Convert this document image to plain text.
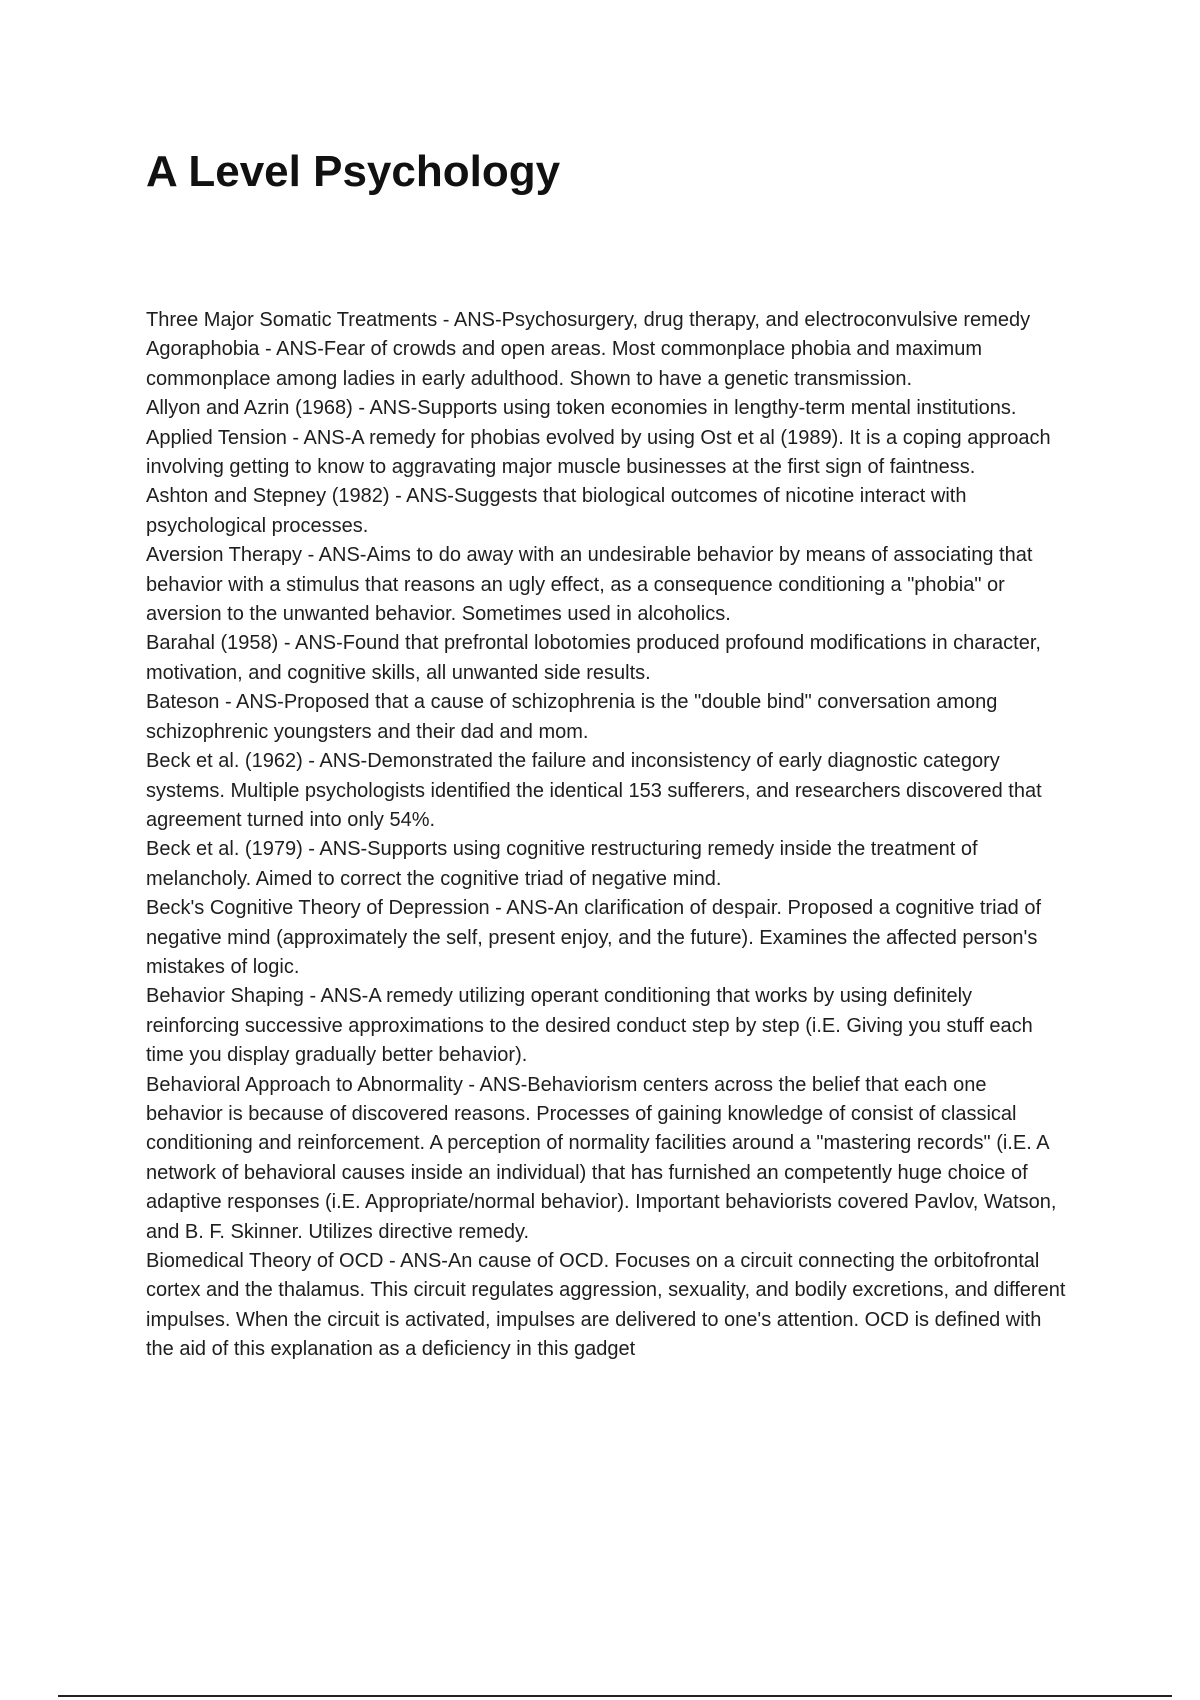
A Level Psychology

Three Major Somatic Treatments - ANS-Psychosurgery, drug therapy, and electroconvulsive remedy

Agoraphobia - ANS-Fear of crowds and open areas. Most commonplace phobia and maximum commonplace among ladies in early adulthood. Shown to have a genetic transmission.

Allyon and Azrin (1968) - ANS-Supports using token economies in lengthy-term mental institutions.

Applied Tension - ANS-A remedy for phobias evolved by using Ost et al (1989). It is a coping approach involving getting to know to aggravating major muscle businesses at the first sign of faintness.

Ashton and Stepney (1982) - ANS-Suggests that biological outcomes of nicotine interact with psychological processes.

Aversion Therapy - ANS-Aims to do away with an undesirable behavior by means of associating that behavior with a stimulus that reasons an ugly effect, as a consequence conditioning a "phobia" or aversion to the unwanted behavior. Sometimes used in alcoholics.

Barahal (1958) - ANS-Found that prefrontal lobotomies produced profound modifications in character, motivation, and cognitive skills, all unwanted side results.

Bateson - ANS-Proposed that a cause of schizophrenia is the "double bind" conversation among schizophrenic youngsters and their dad and mom.

Beck et al. (1962) - ANS-Demonstrated the failure and inconsistency of early diagnostic category systems. Multiple psychologists identified the identical 153 sufferers, and researchers discovered that agreement turned into only 54%.

Beck et al. (1979) - ANS-Supports using cognitive restructuring remedy inside the treatment of melancholy. Aimed to correct the cognitive triad of negative mind.

Beck's Cognitive Theory of Depression - ANS-An clarification of despair. Proposed a cognitive triad of negative mind (approximately the self, present enjoy, and the future). Examines the affected person's mistakes of logic.

Behavior Shaping - ANS-A remedy utilizing operant conditioning that works by using definitely reinforcing successive approximations to the desired conduct step by step (i.E. Giving you stuff each time you display gradually better behavior).

Behavioral Approach to Abnormality - ANS-Behaviorism centers across the belief that each one behavior is because of discovered reasons. Processes of gaining knowledge of consist of classical conditioning and reinforcement. A perception of normality facilities around a "mastering records" (i.E. A network of behavioral causes inside an individual) that has furnished an competently huge choice of adaptive responses (i.E. Appropriate/normal behavior). Important behaviorists covered Pavlov, Watson, and B. F. Skinner. Utilizes directive remedy.

Biomedical Theory of OCD - ANS-An cause of OCD. Focuses on a circuit connecting the orbitofrontal cortex and the thalamus. This circuit regulates aggression, sexuality, and bodily excretions, and different impulses. When the circuit is activated, impulses are delivered to one's attention. OCD is defined with the aid of this explanation as a deficiency in this gadget
